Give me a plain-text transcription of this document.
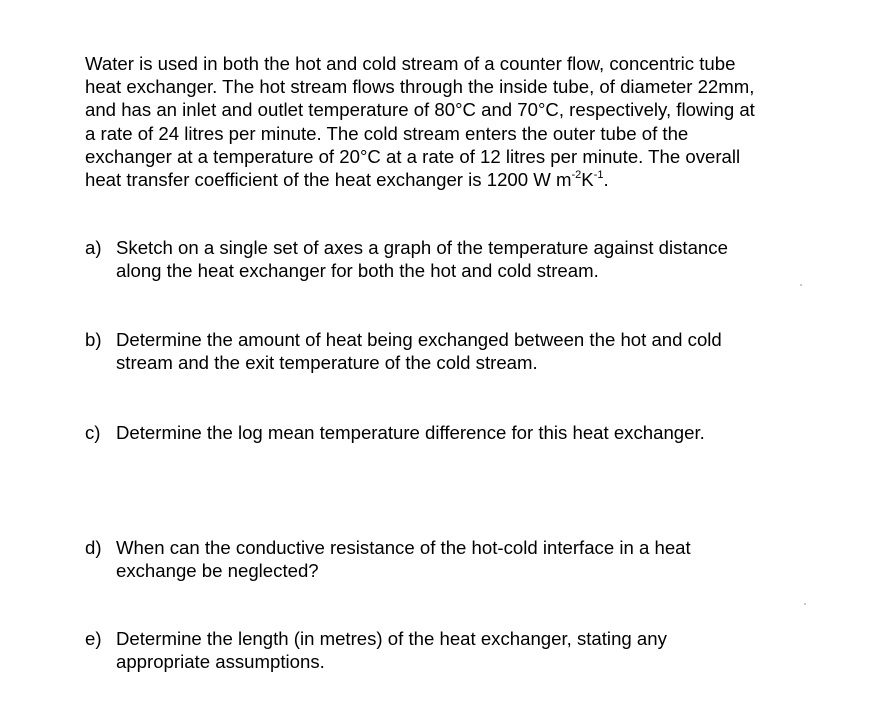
Water is used in both the hot and cold stream of a counter flow, concentric tube
heat exchanger. The hot stream flows through the inside tube, of diameter 22mm,
and has an inlet and outlet temperature of 80°C and 70°C, respectively, flowing at
a rate of 24 litres per minute. The cold stream enters the outer tube of the
exchanger at a temperature of 20°C at a rate of 12 litres per minute. The overall
heat transfer coefficient of the heat exchanger is 1200 W $m^{-2}K^{-1}$.
a) Sketch on a single set of axes a graph of the temperature against distance
along the heat exchanger for both the hot and cold stream.
b) Determine the amount of heat being exchanged between the hot and cold
stream and the exit temperature of the cold stream.
c) Determine the log mean temperature difference for this heat exchanger.
d) When can the conductive resistance of the hot-cold interface in a heat
exchange be neglected?
e) Determine the length (in metres) of the heat exchanger, stating any
appropriate assumptions.
